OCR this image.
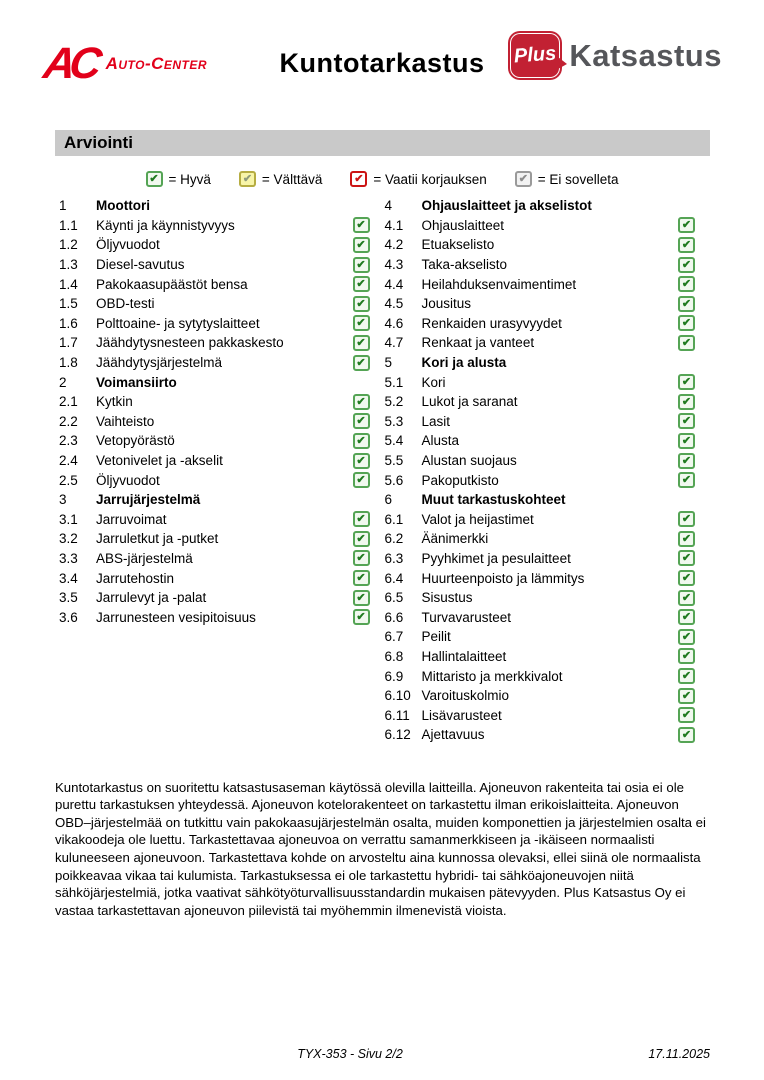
AC Auto-Center	Kuntotarkastus	Plus Katsastus
Arviointi
✔ = Hyvä	✔ = Välttävä	✔ = Vaatii korjauksen	✔ = Ei sovelleta
1	Moottori
1.1	Käynti ja käynnistyvyys	✔
1.2	Öljyvuodot	✔
1.3	Diesel-savutus	✔
1.4	Pakokaasupäästöt bensa	✔
1.5	OBD-testi	✔
1.6	Polttoaine- ja sytytyslaitteet	✔
1.7	Jäähdytysnesteen pakkaskesto	✔
1.8	Jäähdytysjärjestelmä	✔
2	Voimansiirto
2.1	Kytkin	✔
2.2	Vaihteisto	✔
2.3	Vetopyörästö	✔
2.4	Vetonivelet ja -akselit	✔
2.5	Öljyvuodot	✔
3	Jarrujärjestelmä
3.1	Jarruvoimat	✔
3.2	Jarruletkut ja -putket	✔
3.3	ABS-järjestelmä	✔
3.4	Jarrutehostin	✔
3.5	Jarrulevyt ja -palat	✔
3.6	Jarrunesteen vesipitoisuus	✔
4	Ohjauslaitteet ja akselistot
4.1	Ohjauslaitteet	✔
4.2	Etuakselisto	✔
4.3	Taka-akselisto	✔
4.4	Heilahduksenvaimentimet	✔
4.5	Jousitus	✔
4.6	Renkaiden urasyvyydet	✔
4.7	Renkaat ja vanteet	✔
5	Kori ja alusta
5.1	Kori	✔
5.2	Lukot ja saranat	✔
5.3	Lasit	✔
5.4	Alusta	✔
5.5	Alustan suojaus	✔
5.6	Pakoputkisto	✔
6	Muut tarkastuskohteet
6.1	Valot ja heijastimet	✔
6.2	Äänimerkki	✔
6.3	Pyyhkimet ja pesulaitteet	✔
6.4	Huurteenpoisto ja lämmitys	✔
6.5	Sisustus	✔
6.6	Turvavarusteet	✔
6.7	Peilit	✔
6.8	Hallintalaitteet	✔
6.9	Mittaristo ja merkkivalot	✔
6.10 Varoituskolmio	✔
6.11 Lisävarusteet	✔
6.12 Ajettavuus	✔
Kuntotarkastus on suoritettu katsastusaseman käytössä olevilla laitteilla. Ajoneuvon rakenteita tai osia ei ole purettu tarkastuksen yhteydessä. Ajoneuvon kotelorakenteet on tarkastettu ilman erikoislaitteita. Ajoneuvon OBD–järjestelmää on tutkittu vain pakokaasujärjestelmän osalta, muiden komponettien ja järjestelmien osalta ei vikakoodeja ole luettu. Tarkastettavaa ajoneuvoa on verrattu samanmerkkiseen ja -ikäiseen normaalisti kuluneeseen ajoneuvoon. Tarkastettava kohde on arvosteltu aina kunnossa olevaksi, ellei siinä ole normaalista poikkeavaa vikaa tai kulumista. Tarkastuksessa ei ole tarkastettu hybridi- tai sähköajoneuvojen niitä sähköjärjestelmiä, jotka vaativat sähkötyöturvallisuusstandardin mukaisen pätevyyden. Plus Katsastus Oy ei vastaa tarkastettavan ajoneuvon piilevistä tai myöhemmin ilmenevistä vioista.
TYX-353 - Sivu 2/2	17.11.2025
